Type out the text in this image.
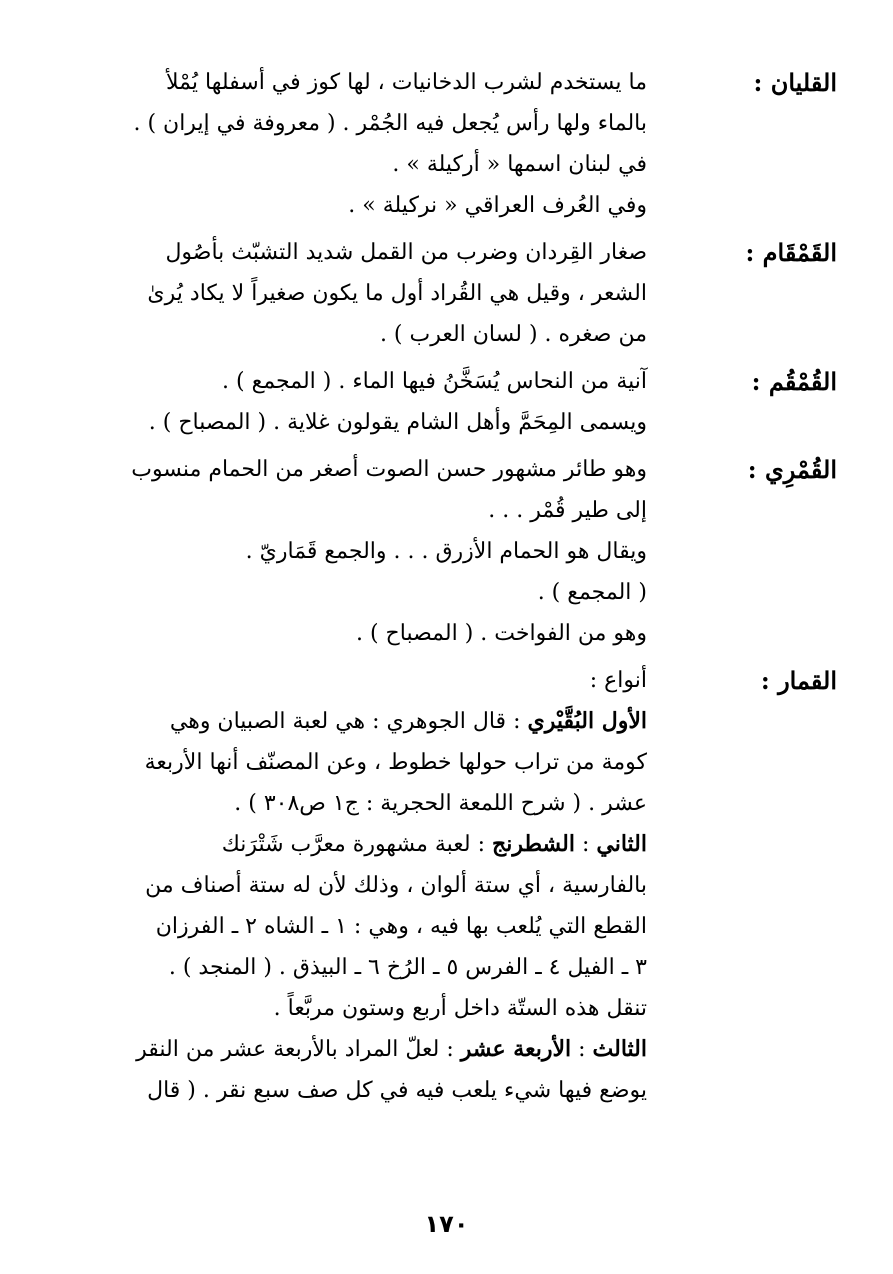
القليان :
ما يستخدم لشرب الدخانيات ، لها كوز في أسفلها يُمْلأ
بالماء ولها رأس يُجعل فيه الجُمْر . ( معروفة في إيران ) .
في لبنان اسمها « أركيلة » .
وفي العُرف العراقي « نركيلة » .
القَمْقَام :
صغار القِردان وضرب من القمل شديد التشبّث بأصُول
الشعر ، وقيل هي القُراد أول ما يكون صغيراً لا يكاد يُرىٰ
من صغره . ( لسان العرب ) .
القُمْقُم :
آنية من النحاس يُسَخَّنُ فيها الماء . ( المجمع ) .
ويسمى المِحَمَّ وأهل الشام يقولون غلاية . ( المصباح ) .
القُمْرِي :
وهو طائر مشهور حسن الصوت أصغر من الحمام منسوب
إلى طير قُمْر . . .
ويقال هو الحمام الأزرق . . . والجمع قَمَاريّ .
( المجمع ) .
وهو من الفواخت . ( المصباح ) .
القمار :
أنواع :
الأول البُقَّيْري : قال الجوهري : هي لعبة الصبيان وهي
كومة من تراب حولها خطوط ، وعن المصنّف أنها الأربعة
عشر . ( شرح اللمعة الحجرية : ج١ ص٣٠٨ ) .
الثاني : الشطرنج : لعبة مشهورة معرَّب شَتْرَنك
بالفارسية ، أي ستة ألوان ، وذلك لأن له ستة أصناف من
القطع التي يُلعب بها فيه ، وهي : ١ ـ الشاه ٢ ـ الفرزان
٣ ـ الفيل ٤ ـ الفرس ٥ ـ الرُخ ٦ ـ البيذق . ( المنجد ) .
تنقل هذه الستّة داخل أربع وستون مربَّعاً .
الثالث : الأربعة عشر : لعلّ المراد بالأربعة عشر من النقر
يوضع فيها شيء يلعب فيه في كل صف سبع نقر . ( قال
١٧٠
